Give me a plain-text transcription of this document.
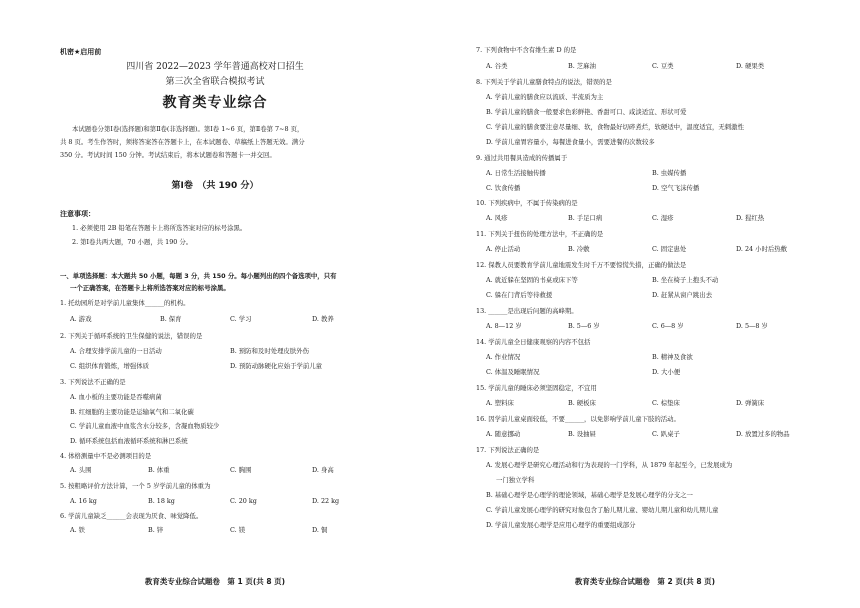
机密★启用前
四川省 2022—2023 学年普通高校对口招生
第三次全省联合模拟考试
教育类专业综合
本试题卷分第Ⅰ卷(选择题)和第Ⅱ卷(非选择题)。第Ⅰ卷 1~6 页，第Ⅱ卷第 7~8 页，
共 8 页。考生作答时，须将答案答在答题卡上，在本试题卷、草稿纸上答题无效。满分
350 分。考试时间 150 分钟。考试结束后，将本试题卷和答题卡一并交回。
第Ⅰ卷　（共 190 分）
注意事项：
1. 必须使用 2B 铅笔在答题卡上将所选答案对应的标号涂黑。
2. 第Ⅰ卷共两大题，70 小题，共 190 分。
一、单项选择题：本大题共 50 小题，每题 3 分，共 150 分。每小题列出的四个备选项中，只有
一个正确答案，在答题卡上将所选答案对应的标号涂黑。
1. 托幼园所是对学前儿童集体______的机构。
A. 游戏	B. 保育	C. 学习	D. 教养
2. 下列关于循环系统的卫生保健的说法，错误的是
A. 合理安排学前儿童的一日活动	B. 预防和及时处理皮肤外伤
C. 组织体育锻炼，增强体质	D. 预防动脉硬化应始于学前儿童
3. 下列说法不正确的是
A. 血小板的主要功能是吞噬病菌
B. 红细胞的主要功能是运输氧气和二氧化碳
C. 学前儿童血液中血浆含水分较多，含凝血物质较少
D. 循环系统包括血液循环系统和淋巴系统
4. 体格测量中不是必测项目的是
A. 头围	B. 体重	C. 胸围	D. 身高
5. 按粗略评价方法计算，一个 5 岁学前儿童的体重为
A. 16 kg	B. 18 kg	C. 20 kg	D. 22 kg
6. 学前儿童缺乏______会表现为厌食、味觉降低。
A. 铁	B. 锌	C. 镁	D. 铜
教育类专业综合试题卷　第 1 页(共 8 页)
7. 下列食物中不含有维生素 D 的是
A. 谷类	B. 芝麻油	C. 豆类	D. 硬果类
8. 下列关于学前儿童膳食特点的说法，错误的是
A. 学前儿童的膳食应以流质、半流质为主
B. 学前儿童的膳食一般要求色彩鲜艳、香甜可口、咸淡适宜、形状可爱
C. 学前儿童的膳食要注意尽量细、软，食物最好切碎煮烂，软硬适中，温度适宜，无刺激性
D. 学前儿童胃容量小，每餐进食量小，需要进餐的次数较多
9. 通过共用餐具造成的传播属于
A. 日常生活接触传播	B. 虫媒传播
C. 饮食传播	D. 空气飞沫传播
10. 下列疾病中，不属于传染病的是
A. 风疹	B. 手足口病	C. 湿疹	D. 猩红热
11. 下列关于扭伤的处理方法中，不正确的是
A. 停止活动	B. 冷敷	C. 固定患处	D. 24 小时后热敷
12. 保教人员要教育学前儿童地震发生时千万不要惊慌失措，正确的做法是
A. 就近躲在坚固的书桌或床下等	B. 坐在椅子上抱头不动
C. 躲在门背后等待救援	D. 赶紧从窗户跳出去
13. ______是出现后问题的高峰期。
A. 8—12 岁	B. 5—6 岁	C. 6—8 岁	D. 5—8 岁
14. 学前儿童全日健康观察的内容不包括
A. 作业情况	B. 精神及食欲
C. 体温及睡眠情况	D. 大小便
15. 学前儿童的睡床必须坚固稳定，不宜用
A. 塑料床	B. 硬板床	C. 棕垫床	D. 弹簧床
16. 因学前儿童桌面较低，不要______，以免影响学前儿童下肢的活动。
A. 随意挪动	B. 设抽屉	C. 趴桌子	D. 放置过多的物品
17. 下列说法正确的是
A. 发展心理学是研究心理活动和行为表现的一门学科，从 1879 年起至今，已发展成为
一门独立学科
B. 基础心理学是心理学的理论领域，基础心理学是发展心理学的分支之一
C. 学前儿童发展心理学的研究对象包含了胎儿期儿童、婴幼儿期儿童和幼儿期儿童
D. 学前儿童发展心理学是应用心理学的重要组成部分
教育类专业综合试题卷　第 2 页(共 8 页)
